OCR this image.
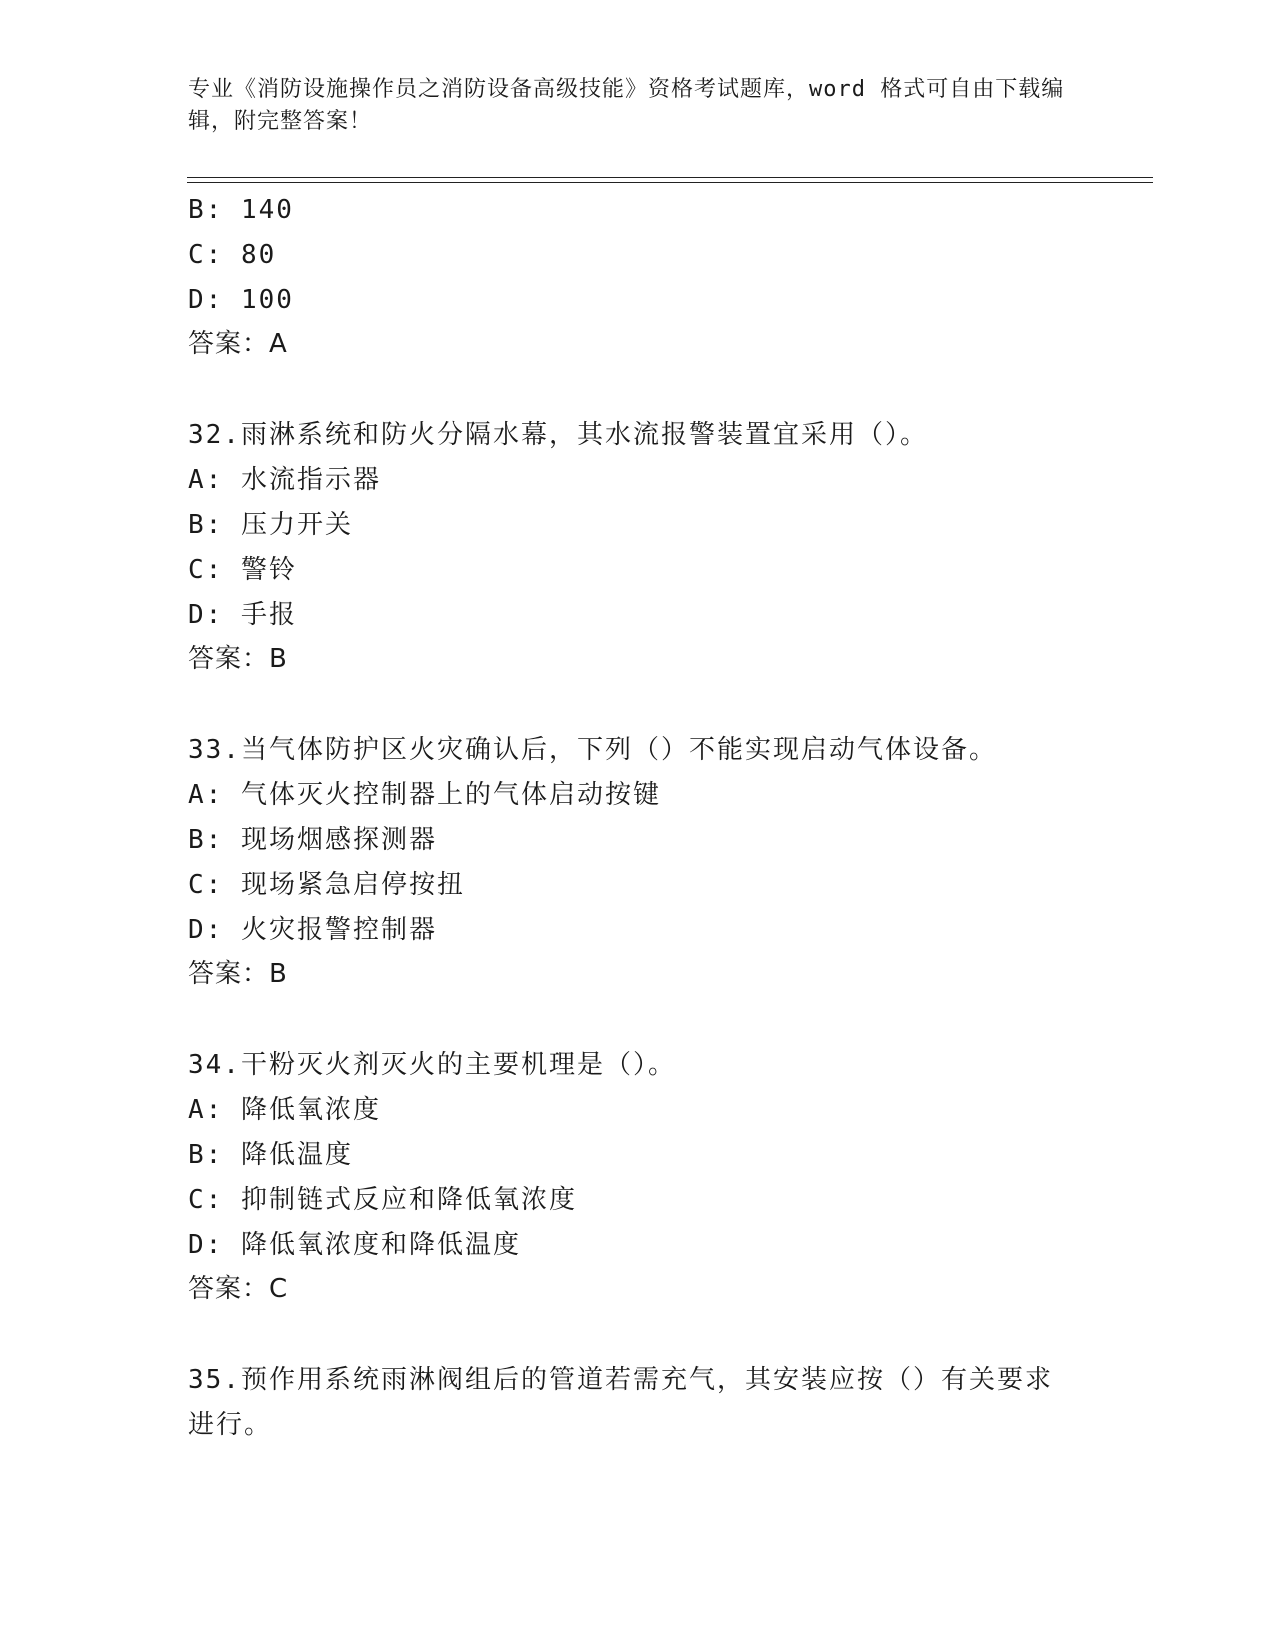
专业《消防设施操作员之消防设备高级技能》资格考试题库，word 格式可自由下载编辑，附完整答案！
B: 140
C: 80
D: 100
答案：A
32.雨淋系统和防火分隔水幕，其水流报警装置宜采用（）。
A: 水流指示器
B: 压力开关
C: 警铃
D: 手报
答案：B
33.当气体防护区火灾确认后，下列（）不能实现启动气体设备。
A: 气体灭火控制器上的气体启动按键
B: 现场烟感探测器
C: 现场紧急启停按扭
D: 火灾报警控制器
答案：B
34.干粉灭火剂灭火的主要机理是（）。
A: 降低氧浓度
B: 降低温度
C: 抑制链式反应和降低氧浓度
D: 降低氧浓度和降低温度
答案：C
35.预作用系统雨淋阀组后的管道若需充气，其安装应按（）有关要求
进行。
